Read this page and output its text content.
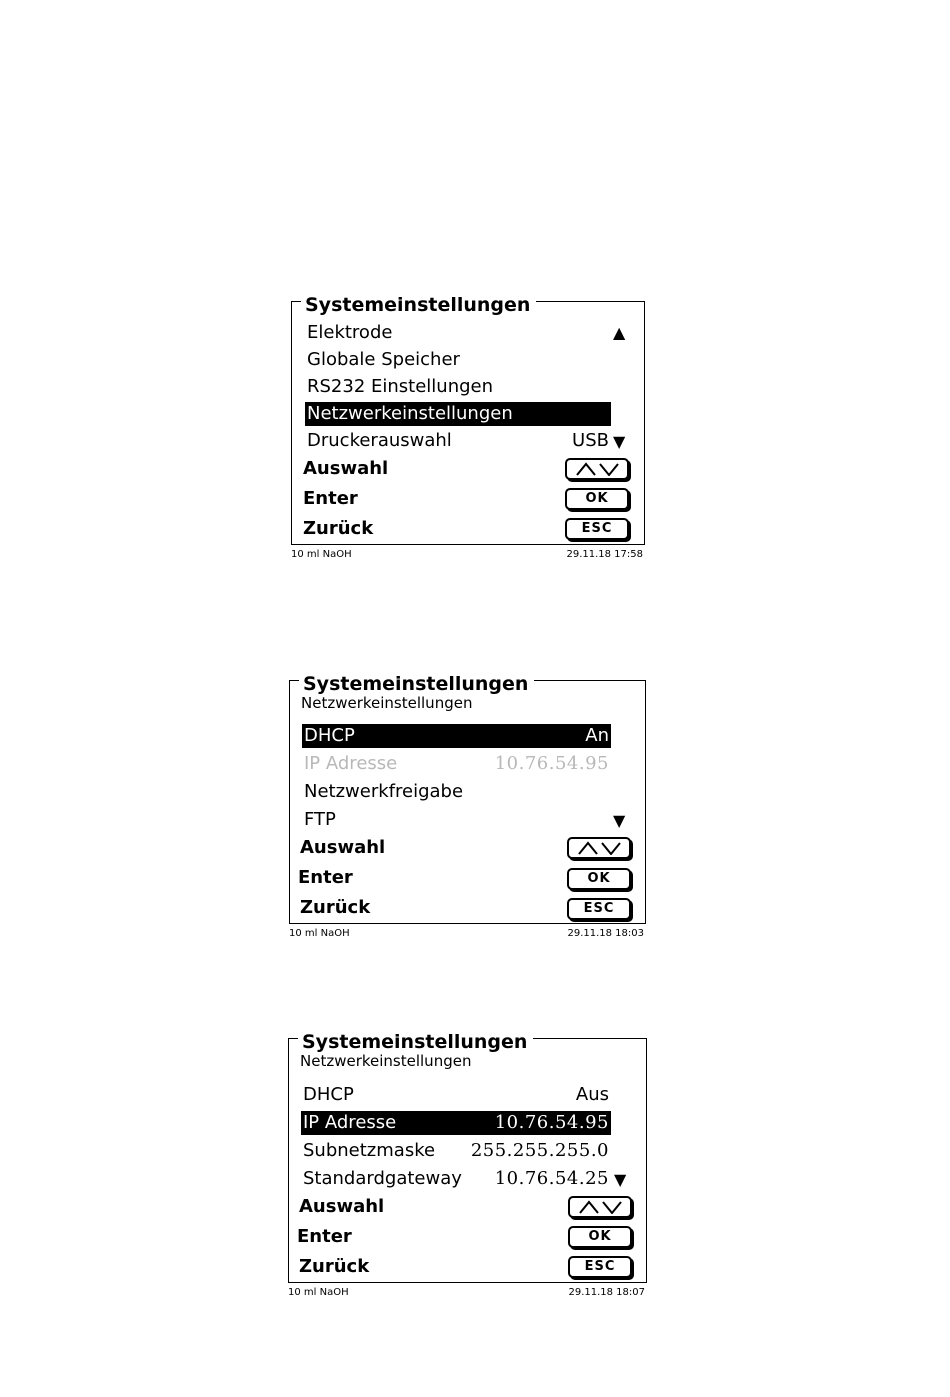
Systemeinstellungen
Elektrode	▲
Globale Speicher
RS232 Einstellungen
Netzwerkeinstellungen
Druckerauswahl	USB ▼
Auswahl
Enter	OK
Zurück	ESC
10 ml NaOH	29.11.18 17:58
Systemeinstellungen
Netzwerkeinstellungen
DHCP	An
IP Adresse	10.76.54.95
Netzwerkfreigabe
FTP	▼
Auswahl
Enter	OK
Zurück	ESC
10 ml NaOH	29.11.18 18:03
Systemeinstellungen
Netzwerkeinstellungen
DHCP	Aus
IP Adresse	10.76.54.95
Subnetzmaske 255.255.255.0
Standardgateway 10.76.54.25 ▼
Auswahl
Enter	OK
Zurück	ESC
10 ml NaOH	29.11.18 18:07
